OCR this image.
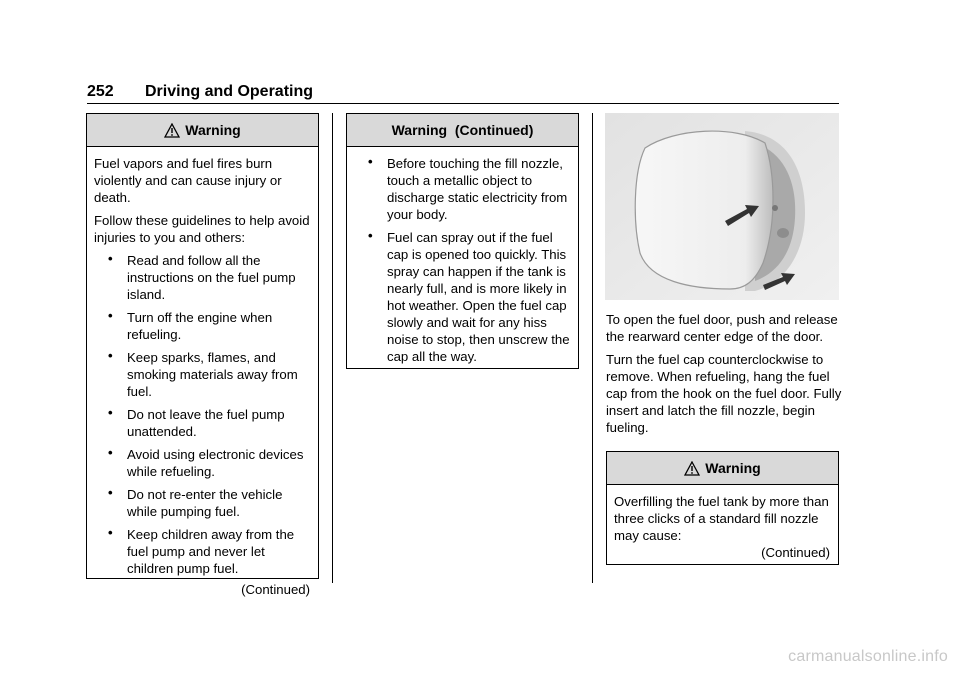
252 Driving and Operating
Warning

Fuel vapors and fuel fires burn violently and can cause injury or death.

Follow these guidelines to help avoid injuries to you and others:

• Read and follow all the instructions on the fuel pump island.
• Turn off the engine when refueling.
• Keep sparks, flames, and smoking materials away from fuel.
• Do not leave the fuel pump unattended.
• Avoid using electronic devices while refueling.
• Do not re-enter the vehicle while pumping fuel.
• Keep children away from the fuel pump and never let children pump fuel.
(Continued)
Warning  (Continued)
• Before touching the fill nozzle, touch a metallic object to discharge static electricity from your body.
• Fuel can spray out if the fuel cap is opened too quickly. This spray can happen if the tank is nearly full, and is more likely in hot weather. Open the fuel cap slowly and wait for any hiss noise to stop, then unscrew the cap all the way.

To open the fuel door, push and release the rearward center edge of the door.

Turn the fuel cap counterclockwise to remove. When refueling, hang the fuel cap from the hook on the fuel door. Fully insert and latch the fill nozzle, begin fueling.

Warning

Overfilling the fuel tank by more than three clicks of a standard fill nozzle may cause:

(Continued)
carmanualsonline.info
